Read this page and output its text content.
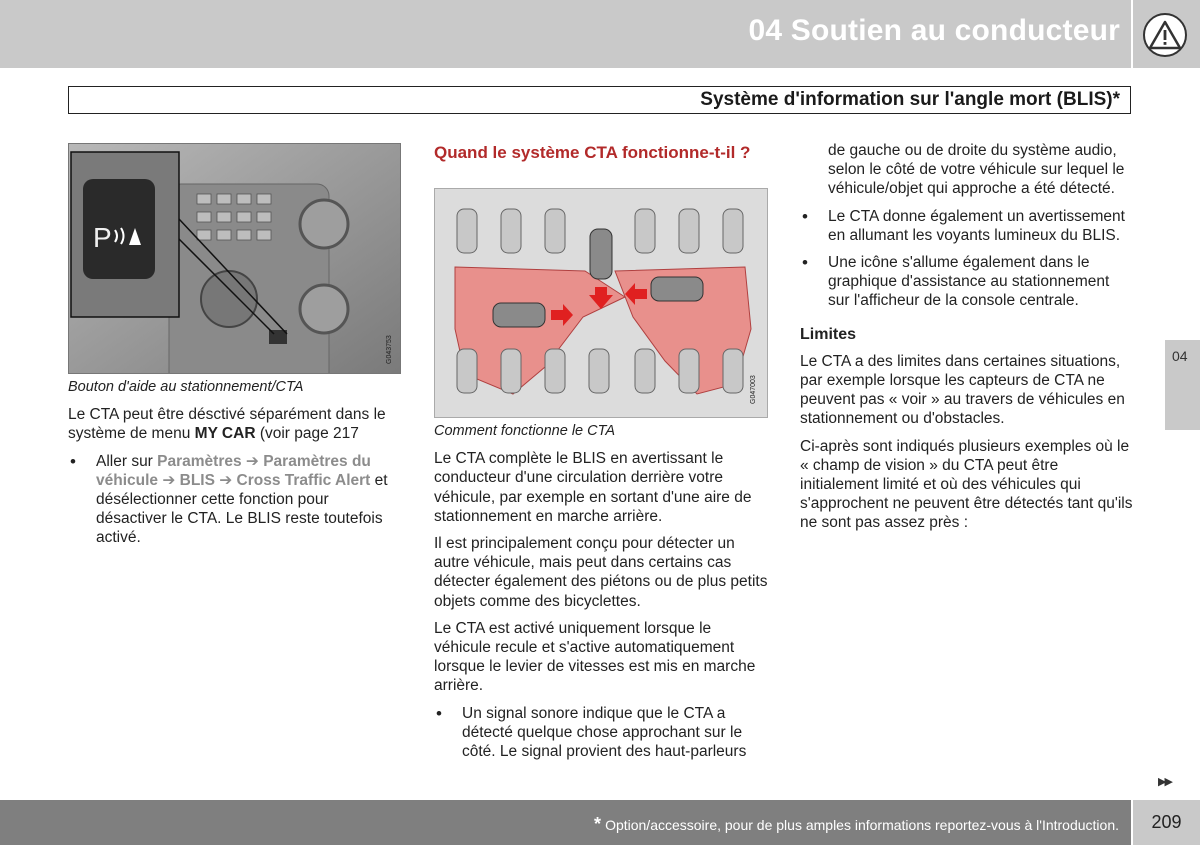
04 Soutien au conducteur
Système d'information sur l'angle mort (BLIS)*
P
G043753

Bouton d'aide au stationnement/CTA

Le CTA peut être désctivé séparément dans le système de menu MY CAR (voir page 217

• Aller sur Paramètres ➔ Paramètres du véhicule ➔ BLIS ➔ Cross Traffic Alert et désélectionner cette fonction pour désactiver le CTA. Le BLIS reste toutefois activé.
Quand le système CTA fonctionne-t-il ?
G047003

Comment fonctionne le CTA

Le CTA complète le BLIS en avertissant le conducteur d'une circulation derrière votre véhicule, par exemple en sortant d'une aire de stationnement en marche arrière.

Il est principalement conçu pour détecter un autre véhicule, mais peut dans certains cas détecter également des piétons ou de plus petits objets comme des bicyclettes.

Le CTA est activé uniquement lorsque le véhicule recule et s'active automatiquement lorsque le levier de vitesses est mis en marche arrière.

• Un signal sonore indique que le CTA a détecté quelque chose approchant sur le côté. Le signal provient des haut-parleurs

de gauche ou de droite du système audio, selon le côté de votre véhicule sur lequel le véhicule/objet qui approche a été détecté.

• Le CTA donne également un avertissement en allumant les voyants lumineux du BLIS.
• Une icône s'allume également dans le graphique d'assistance au stationnement sur l'afficheur de la console centrale.

Limites

Le CTA a des limites dans certaines situations, par exemple lorsque les capteurs de CTA ne peuvent pas « voir » au travers de véhicules en stationnement ou d'obstacles.

Ci-après sont indiqués plusieurs exemples où le « champ de vision » du CTA peut être initialement limité et où des véhicules qui s'approchent ne peuvent être détectés tant qu'ils ne sont pas assez près :

04
▶▶
* Option/accessoire, pour de plus amples informations reportez-vous à l'Introduction.	209
